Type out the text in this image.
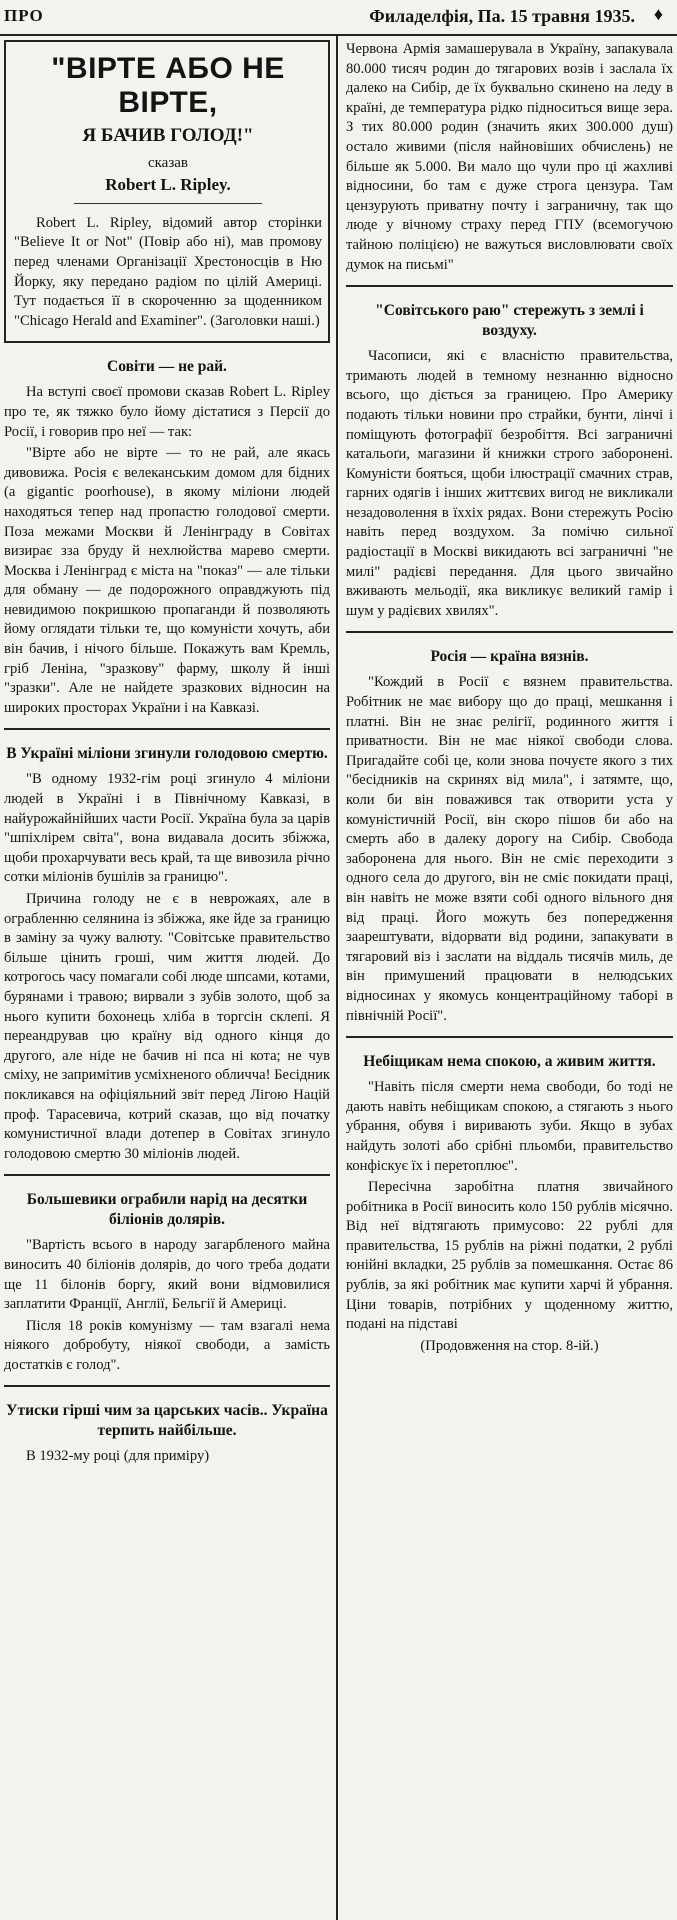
ПРО	Филаделфія, Па. 15 травня 1935. ♦
"ВІРТЕ АБО НЕ ВІРТЕ,
Я БАЧИВ ГОЛОД!"
сказав
Robert L. Ripley.

Robert L. Ripley, відомий автор сторінки "Believe It or Not" (Повір або ні), мав промову перед членами Організації Хрестоносців в Ню Йорку, яку передано радіом по цілій Америці. Тут подається її в скороченню за щоденником "Chicago Herald and Examiner". (Заголовки наші.)

Совіти — не рай.

На вступі своєї промови сказав Robert L. Ripley про те, як тяжко було йому дістатися з Персії до Росії, і говорив про неї — так:

"Вірте або не вірте — то не рай, але якась дивовижа. Росія є велеканським домом для бідних (a gigantic poorhouse), в якому міліони людей находяться тепер над пропастю голодової смерти. Поза межами Москви й Ленінграду в Совітах визирає зза бруду й нехлюйства марево смерти. Москва і Ленінград є міста на "показ" — але тільки для обману — де подорожного оправджують під невидимою покришкою пропаганди й позволяють йому оглядати тільки те, що комуністи хочуть, аби він бачив, і нічого більше. Покажуть вам Кремль, гріб Леніна, "зразкову" фарму, школу й інші "зразки". Але не найдете зразкових відносин на широких просторах України і на Кавказі.

В Україні міліони згинули голодовою смертю.

"В одному 1932-гім році згинуло 4 міліони людей в Україні і в Північному Кавказі, в найурожайнійших части Росії. Україна була за царів "шпіхлірем світа", вона видавала досить збіжжа, щоби прохарчувати весь край, та ще вивозила річно сотки міліонів бушілів за границю".

Причина голоду не є в неврожаях, але в ограбленню селянина із збіжжа, яке йде за границю в заміну за чужу валюту. "Совітське правительство більше цінить гроші, чим життя людей. До котрогось часу помагали собі люде шпсами, котами, бурянами і травою; вирвали з зубів золото, щоб за нього купити бохонець хліба в торгсін склепі. Я переандрував цю країну від одного кінця до другого, але ніде не бачив ні пса ні кота; не чув сміху, не запримітив усміхненого обличча! Бесідник покликався на офіціяльний звіт перед Лігою Націй проф. Тарасевича, котрий сказав, що від початку комунистичної влади дотепер в Совітах згинуло голодовою смертю 30 міліонів людей.

Большевики ограбили нарід на десятки біліонів долярів.

"Вартість всього в народу загарбленого майна виносить 40 біліонів долярів, до чого треба додати ще 11 білонів боргу, який вони відмовилися заплатити Франції, Англії, Бельгії й Америці.

Після 18 років комунізму — там взагалі нема ніякого добробуту, ніякої свободи, а замість достатків є голод".

Утиски гірші чим за царських часів.. Україна терпить найбільше.

В 1932-му році (для приміру)

Червона Армія замашерувала в Україну, запакувала 80.000 тисяч родин до тягарових возів і заслала їх далеко на Сибір, де їх буквально скинено на леду в країні, де температура рідко підноситься вище зера. З тих 80.000 родин (значить яких 300.000 душ) осталo живими (після найновіших обчислень) не більше як 5.000. Ви мало що чули про ці жахливі відносини, бо там є дуже строга цензура. Там цензурують приватну почту і заграничну, так що люде у вічному страху перед ГПУ (всемогучою тайною поліцією) не важуться висловлювати своїх думок на письмі"

"Совітського раю" стережуть з землі і воздуху.

Часописи, які є власністю правительства, тримають людей в темному незнанню відносно всього, що діється за границею. Про Америку подають тільки новини про страйки, бунти, лінчі і поміщують фотографії безробіття. Всі заграничні катальоґи, магазини й книжки строго заборонені. Комуністи бояться, щоби ілюстрації смачних страв, гарних одягів і інших життєвих вигод не викликали незадоволення в їххіх рядах. Вони стережуть Росію навіть перед воздухом. За помічю сильної радіостації в Москві викидають всі заграничні "не милі" радієві передання. Для цього звичайно вживають мельодії, яка викликує великий гамір і шум у радієвих хвилях".

Росія — країна вязнів.

"Кождий в Росії є вязнем правительства. Робітник не має вибору що до праці, мешкання і платні. Він не знає релігії, родинного життя і приватности. Він не має ніякої свободи слова. Пригадайте собі це, коли знова почуєте якого з тих "бесідників на скринях від мила", і затямте, що, коли би він поважився так отворити уста у комуністичній Росії, він скоро пішов би або на смерть або в далеку дорогу на Сибір. Свобода заборонена для нього. Він не сміє переходити з одного села до другого, він не сміє покидати праці, він навіть не може взяти собі одного вільного дня від праці. Його можуть без попередження заарештувати, відорвати від родини, запакувати в тягаровий віз і заслати на віддаль тисячів миль, де він примушений працювати в нелюдських відносинах у якомусь концентраційному таборі в північній Росії".

Небіщикам нема спокою, а живим життя.

"Навіть після смерти нема свободи, бо тоді не дають навіть небіщикам спокою, а стягають з нього убрання, обувя і виривають зуби. Якщо в зубах найдуть золоті або срібні пльомби, правительство конфіскує їх і перетоплює".

Пересічна заробітна платня звичайного робітника в Росії виносить коло 150 рублів місячно. Від неї відтягають примусово: 22 рублі для правительства, 15 рублів на ріжні податки, 2 рублі юнійні вкладки, 25 рублів за помешкання. Остає 86 рублів, за які робітник має купити харчі й убрання. Ціни товарів, потрібних у щоденному життю, подані на підставі

(Продовження на стор. 8-ій.)
